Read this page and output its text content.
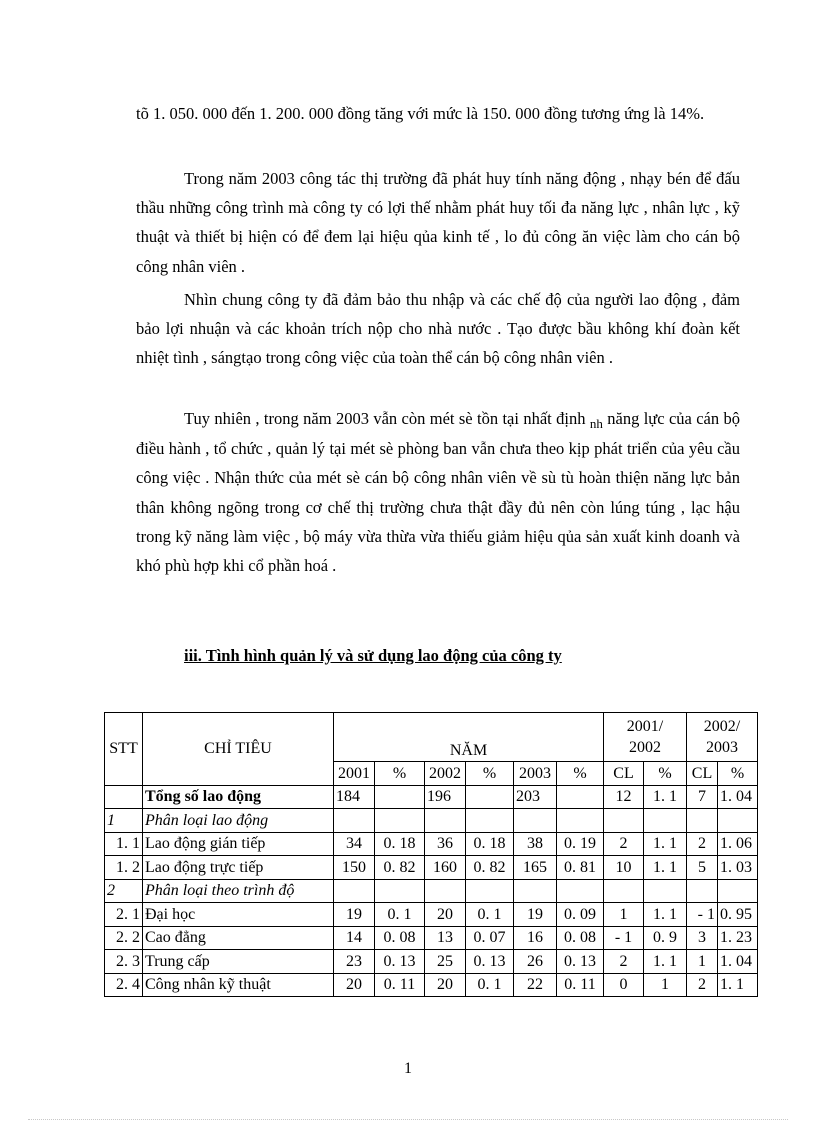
tõ 1. 050. 000 đến 1. 200. 000 đồng tăng với mức là 150. 000 đồng tương ứng là 14%.

Trong năm 2003 công tác thị trường đã phát huy tính năng động , nhạy bén để đấu thầu những công trình mà công ty có lợi thế nhằm phát huy tối đa năng lực , nhân lực , kỹ thuật và thiết bị hiện có để đem lại hiệu qủa kinh tế , lo đủ công ăn việc làm cho cán bộ công nhân viên .

Nhìn chung công ty đã đảm bảo thu nhập và các chế độ của người lao động , đảm bảo lợi nhuận và các khoản trích nộp cho nhà nước . Tạo được bầu không khí đoàn kết nhiệt tình , sángtạo trong công việc của toàn thể cán bộ công nhân viên .

Tuy nhiên , trong năm 2003 vẫn còn mét sè tồn tại nhất định $_{nh}$ năng lực của cán bộ điều hành , tổ chức , quản lý tại mét sè phòng ban vẫn chưa theo kịp phát triển của yêu cầu công việc . Nhận thức của mét sè cán bộ công nhân viên về sù tù hoàn thiện năng lực bản thân không ngõng trong cơ chế thị trường chưa thật đầy đủ nên còn lúng túng , lạc hậu trong kỹ năng làm việc , bộ máy vừa thừa vừa thiếu giảm hiệu qủa sản xuất kinh doanh và khó phù hợp khi cổ phần hoá .

iii. Tình hình quản lý và sử dụng lao động của công ty

STT	CHỈ TIÊU	NĂM						2001/ 2002		2002/ 2003	
		2001	%	2002	%	2003	%	CL	%	CL	%
	Tổng số lao động	184		196		203		12	1. 1	7	1. 04
1	Phân loại lao động										
1. 1	Lao động gián tiếp	34	0. 18	36	0. 18	38	0. 19	2	1. 1	2	1. 06
1. 2	Lao động trực tiếp	150	0. 82	160	0. 82	165	0. 81	10	1. 1	5	1. 03
2	Phân loại theo trình độ										
2. 1	Đại học	19	0. 1	20	0. 1	19	0. 09	1	1. 1	- 1	0. 95
2. 2	Cao đẳng	14	0. 08	13	0. 07	16	0. 08	- 1	0. 9	3	1. 23
2. 3	Trung cấp	23	0. 13	25	0. 13	26	0. 13	2	1. 1	1	1. 04
2. 4	Công nhân kỹ thuật	20	0. 11	20	0. 1	22	0. 11	0	1	2	1. 1
1
